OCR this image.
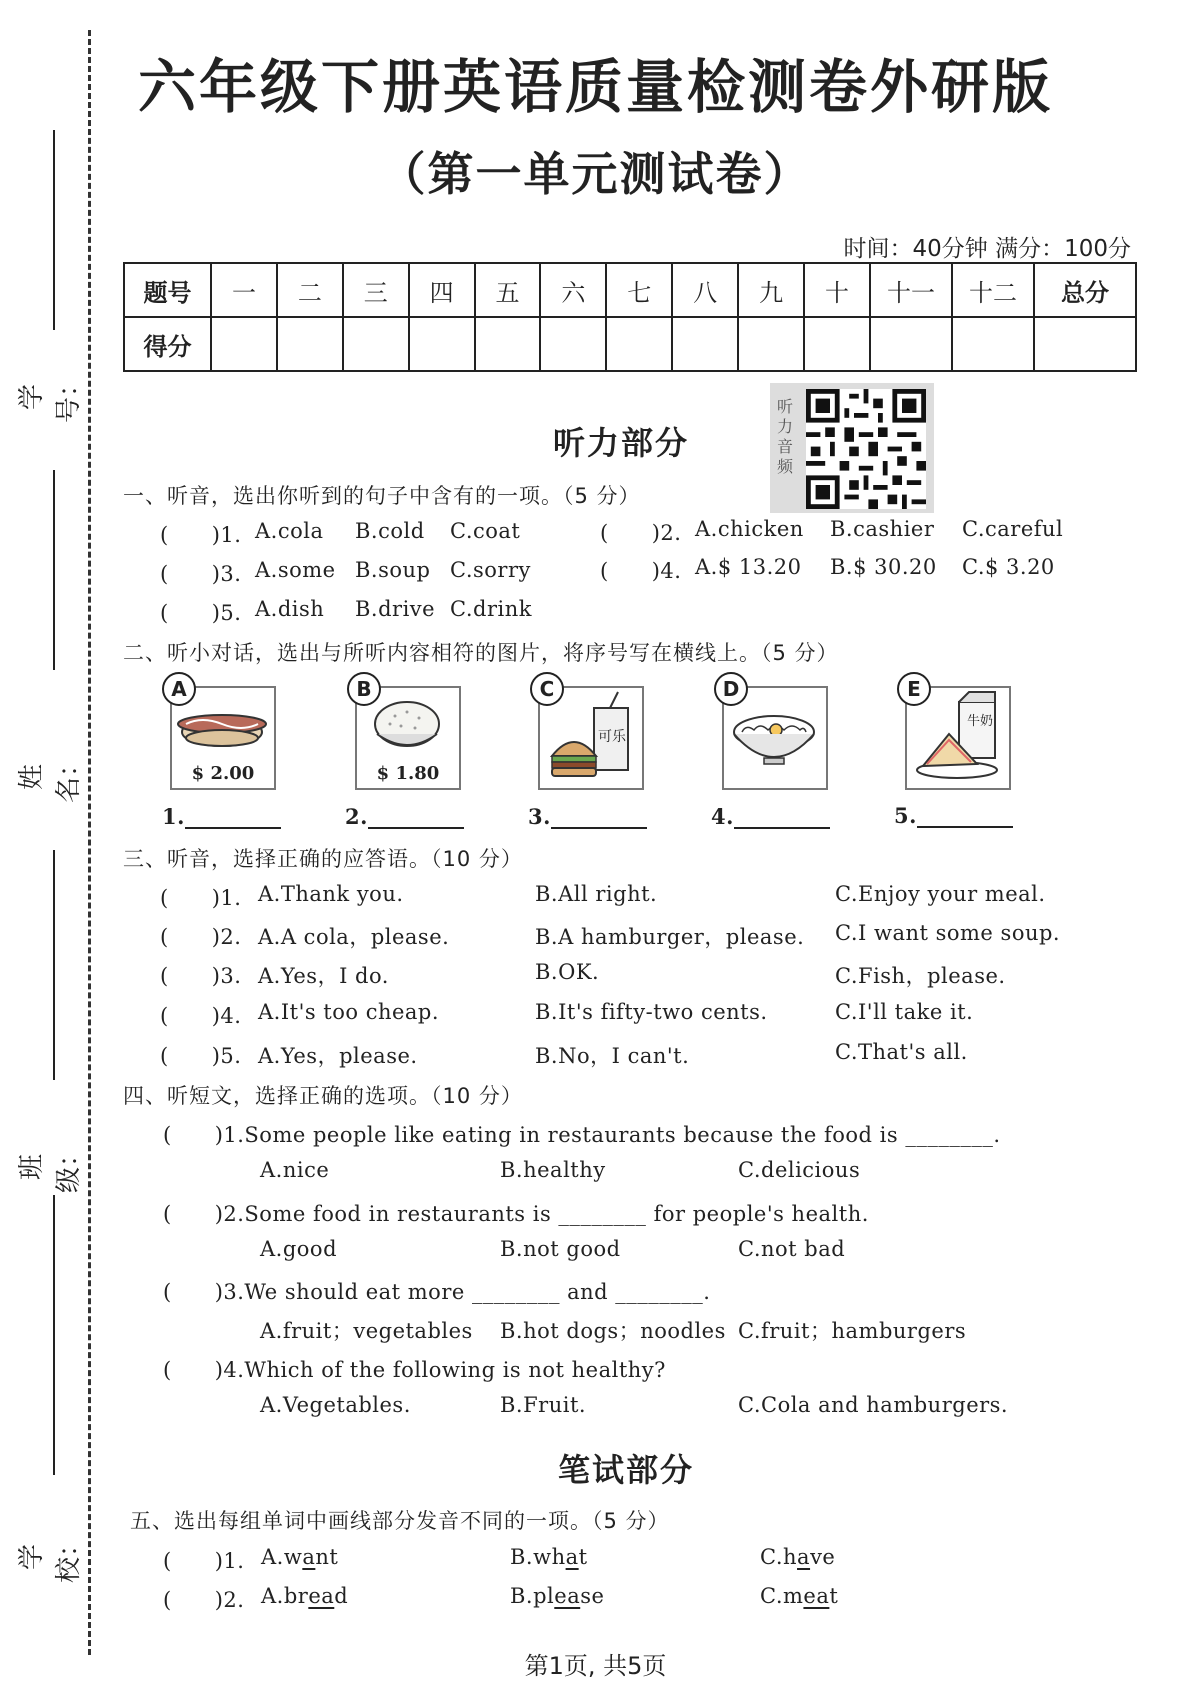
学号：
姓名：
班级：
学校：
六年级下册英语质量检测卷外研版
（第一单元测试卷）
时间：40分钟 满分：100分
题号	一	二	三	四	五	六	七	八	九	十	十一	十二	总分
得分													
听力部分
听力音频
一、听音，选出你听到的句子中含有的一项。（5 分）
(　　)1. A.cola B.cold C.coat	(　　)2. A.chicken B.cashier C.careful
(　　)3. A.some B.soup C.sorry	(　　)4. A.$ 13.20 B.$ 30.20 C.$ 3.20
(　　)5. A.dish B.drive C.drink
二、听小对话，选出与所听内容相符的图片，将序号写在横线上。（5 分）
A
$ 2.00
B
$ 1.80
C
可乐
D	E
牛奶
1.	2.	3.	4.	5.
三、听音，选择正确的应答语。（10 分）
(　　)1. A.Thank you.	B.All right.	C.Enjoy your meal.
(　　)2. A.A cola，please.	B.A hamburger，please. C.I want some soup.
(　　)3. A.Yes，I do.	B.OK.	C.Fish，please.
(　　)4. A.It's too cheap.	B.It's fifty-two cents.	C.I'll take it.
(　　)5. A.Yes，please.	B.No，I can't.	C.That's all.
四、听短文，选择正确的选项。（10 分）
(　　)1.Some people like eating in restaurants because the food is ________.
A.nice	B.healthy	C.delicious
(　　)2.Some food in restaurants is ________ for people's health.
A.good	B.not good	C.not bad
(　　)3.We should eat more ________ and ________.
A.fruit；vegetables B.hot dogs；noodles C.fruit；hamburgers
(　　)4.Which of the following is not healthy?
A.Vegetables.	B.Fruit.	C.Cola and hamburgers.
笔试部分
五、选出每组单词中画线部分发音不同的一项。（5 分）
(　　)1. A.want	B.what	C.have
(　　)2. A.bread	B.please	C.meat
第1页, 共5页
